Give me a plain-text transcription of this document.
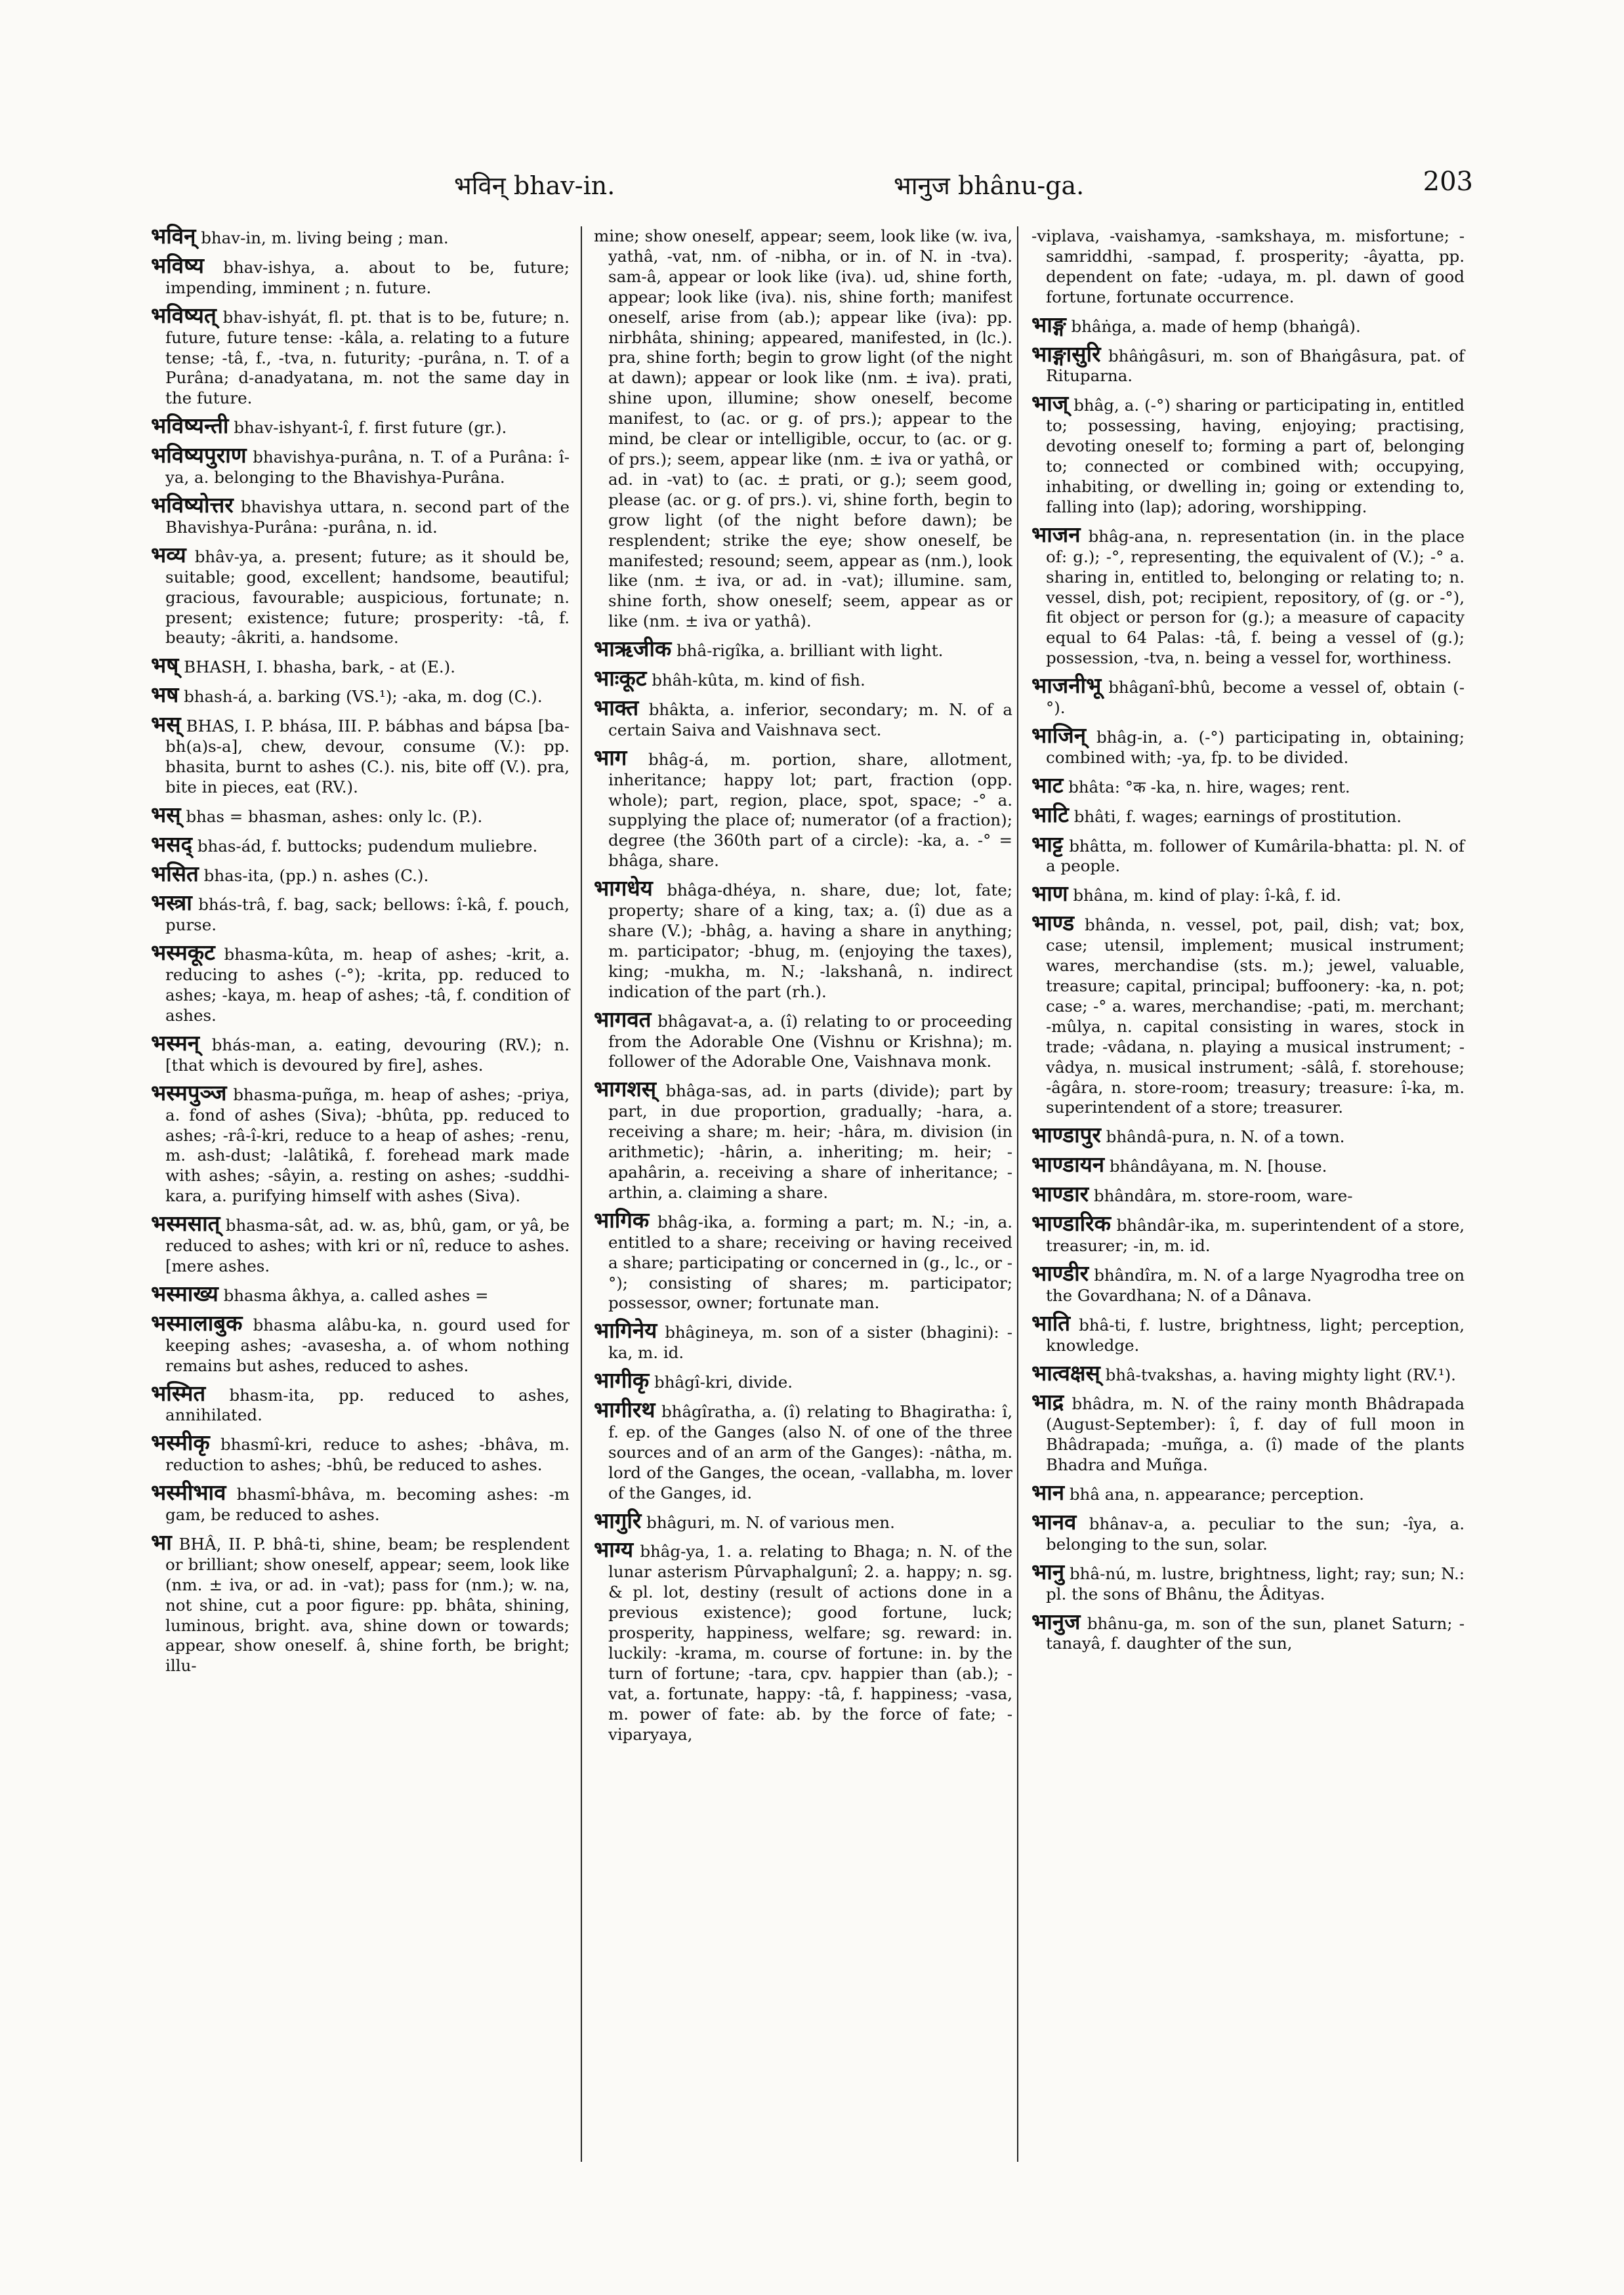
भविन् bhav-in.	भानुज bhânu-ga.	203

भविन् bhav-in, m. living being ; man.

भविष्य bhav-ishya, a. about to be, future; impending, imminent ; n. future.

भविष्यत् bhav-ishyát, fl. pt. that is to be, future; n. future, future tense: -kâla, a. relating to a future tense; -tâ, f., -tva, n. futurity; -purâna, n. T. of a Purâna; d-anadyatana, m. not the same day in the future.

भविष्यन्ती bhav-ishyant-î, f. first future (gr.).

भविष्यपुराण bhavishya-purâna, n. T. of a Purâna: î-ya, a. belonging to the Bhavishya-Purâna.

भविष्योत्तर bhavishya uttara, n. second part of the Bhavishya-Purâna: -purâna, n. id.

भव्य bhâv-ya, a. present; future; as it should be, suitable; good, excellent; handsome, beautiful; gracious, favourable; auspicious, fortunate; n. present; existence; future; prosperity: -tâ, f. beauty; -âkriti, a. handsome.

भष् BHASH, I. bhasha, bark, - at (E.).

भष bhash-á, a. barking (VS.¹); -aka, m. dog (C.).

भस् BHAS, I. P. bhása, III. P. bábhas and bápsa [ba-bh(a)s-a], chew, devour, consume (V.): pp. bhasita, burnt to ashes (C.). nis, bite off (V.). pra, bite in pieces, eat (RV.).

भस् bhas = bhasman, ashes: only lc. (P.).

भसद् bhas-ád, f. buttocks; pudendum muliebre.

भसित bhas-ita, (pp.) n. ashes (C.).

भस्त्रा bhás-trâ, f. bag, sack; bellows: î-kâ, f. pouch, purse.

भस्मकूट bhasma-kûta, m. heap of ashes; -krit, a. reducing to ashes (-°); -krita, pp. reduced to ashes; -kaya, m. heap of ashes; -tâ, f. condition of ashes.

भस्मन् bhás-man, a. eating, devouring (RV.); n. [that which is devoured by fire], ashes.

भस्मपुञ्ज bhasma-puñga, m. heap of ashes; -priya, a. fond of ashes (Siva); -bhûta, pp. reduced to ashes; -râ-î-kri, reduce to a heap of ashes; -renu, m. ash-dust; -lalâtikâ, f. forehead mark made with ashes; -sâyin, a. resting on ashes; -suddhi-kara, a. purifying himself with ashes (Siva).

भस्मसात् bhasma-sât, ad. w. as, bhû, gam, or yâ, be reduced to ashes; with kri or nî, reduce to ashes. [mere ashes.

भस्माख्य bhasma âkhya, a. called ashes =

भस्मालाबुक bhasma alâbu-ka, n. gourd used for keeping ashes; -avasesha, a. of whom nothing remains but ashes, reduced to ashes.

भस्मित bhasm-ita, pp. reduced to ashes, annihilated.

भस्मीकृ bhasmî-kri, reduce to ashes; -bhâva, m. reduction to ashes; -bhû, be reduced to ashes.

भस्मीभाव bhasmî-bhâva, m. becoming ashes: -m gam, be reduced to ashes.

भा BHÂ, II. P. bhâ-ti, shine, beam; be resplendent or brilliant; show oneself, appear; seem, look like (nm. ± iva, or ad. in -vat); pass for (nm.); w. na, not shine, cut a poor figure: pp. bhâta, shining, luminous, bright. ava, shine down or towards; appear, show oneself. â, shine forth, be bright; illu-

mine; show oneself, appear; seem, look like (w. iva, yathâ, -vat, nm. of -nibha, or in. of N. in -tva). sam-â, appear or look like (iva). ud, shine forth, appear; look like (iva). nis, shine forth; manifest oneself, arise from (ab.); appear like (iva): pp. nirbhâta, shining; appeared, manifested, in (lc.). pra, shine forth; begin to grow light (of the night at dawn); appear or look like (nm. ± iva). prati, shine upon, illumine; show oneself, become manifest, to (ac. or g. of prs.); appear to the mind, be clear or intelligible, occur, to (ac. or g. of prs.); seem, appear like (nm. ± iva or yathâ, or ad. in -vat) to (ac. ± prati, or g.); seem good, please (ac. or g. of prs.). vi, shine forth, begin to grow light (of the night before dawn); be resplendent; strike the eye; show oneself, be manifested; resound; seem, appear as (nm.), look like (nm. ± iva, or ad. in -vat); illumine. sam, shine forth, show oneself; seem, appear as or like (nm. ± iva or yathâ).

भाऋजीक bhâ-rigîka, a. brilliant with light.

भाःकूट bhâh-kûta, m. kind of fish.

भाक्त bhâkta, a. inferior, secondary; m. N. of a certain Saiva and Vaishnava sect.

भाग bhâg-á, m. portion, share, allotment, inheritance; happy lot; part, fraction (opp. whole); part, region, place, spot, space; -° a. supplying the place of; numerator (of a fraction); degree (the 360th part of a circle): -ka, a. -° = bhâga, share.

भागधेय bhâga-dhéya, n. share, due; lot, fate; property; share of a king, tax; a. (î) due as a share (V.); -bhâg, a. having a share in anything; m. participator; -bhug, m. (enjoying the taxes), king; -mukha, m. N.; -lakshanâ, n. indirect indication of the part (rh.).

भागवत bhâgavat-a, a. (î) relating to or proceeding from the Adorable One (Vishnu or Krishna); m. follower of the Adorable One, Vaishnava monk.

भागशस् bhâga-sas, ad. in parts (divide); part by part, in due proportion, gradually; -hara, a. receiving a share; m. heir; -hâra, m. division (in arithmetic); -hârin, a. inheriting; m. heir; -apahârin, a. receiving a share of inheritance; -arthin, a. claiming a share.

भागिक bhâg-ika, a. forming a part; m. N.; -in, a. entitled to a share; receiving or having received a share; participating or concerned in (g., lc., or -°); consisting of shares; m. participator; possessor, owner; fortunate man.

भागिनेय bhâgineya, m. son of a sister (bhagini): -ka, m. id.

भागीकृ bhâgî-kri, divide.

भागीरथ bhâgîratha, a. (î) relating to Bhagiratha: î, f. ep. of the Ganges (also N. of one of the three sources and of an arm of the Ganges): -nâtha, m. lord of the Ganges, the ocean, -vallabha, m. lover of the Ganges, id.

भागुरि bhâguri, m. N. of various men.

भाग्य bhâg-ya, 1. a. relating to Bhaga; n. N. of the lunar asterism Pûrvaphalgunî; 2. a. happy; n. sg. & pl. lot, destiny (result of actions done in a previous existence); good fortune, luck; prosperity, happiness, welfare; sg. reward: in. luckily: -krama, m. course of fortune: in. by the turn of fortune; -tara, cpv. happier than (ab.); -vat, a. fortunate, happy: -tâ, f. happiness; -vasa, m. power of fate: ab. by the force of fate; -viparyaya,

-viplava, -vaishamya, -samkshaya, m. misfortune; -samriddhi, -sampad, f. prosperity; -âyatta, pp. dependent on fate; -udaya, m. pl. dawn of good fortune, fortunate occurrence.

भाङ्ग bhâṅga, a. made of hemp (bhaṅgâ).

भाङ्गासुरि bhâṅgâsuri, m. son of Bhaṅgâsura, pat. of Rituparna.

भाज् bhâg, a. (-°) sharing or participating in, entitled to; possessing, having, enjoying; practising, devoting oneself to; forming a part of, belonging to; connected or combined with; occupying, inhabiting, or dwelling in; going or extending to, falling into (lap); adoring, worshipping.

भाजन bhâg-ana, n. representation (in. in the place of: g.); -°, representing, the equivalent of (V.); -° a. sharing in, entitled to, belonging or relating to; n. vessel, dish, pot; recipient, repository, of (g. or -°), fit object or person for (g.); a measure of capacity equal to 64 Palas: -tâ, f. being a vessel of (g.); possession, -tva, n. being a vessel for, worthiness.

भाजनीभू bhâganî-bhû, become a vessel of, obtain (-°).

भाजिन् bhâg-in, a. (-°) participating in, obtaining; combined with; -ya, fp. to be divided.

भाट bhâta: °क -ka, n. hire, wages; rent.

भाटि bhâti, f. wages; earnings of prostitution.

भाट्ट bhâtta, m. follower of Kumârila-bhatta: pl. N. of a people.

भाण bhâna, m. kind of play: î-kâ, f. id.

भाण्ड bhânda, n. vessel, pot, pail, dish; vat; box, case; utensil, implement; musical instrument; wares, merchandise (sts. m.); jewel, valuable, treasure; capital, principal; buffoonery: -ka, n. pot; case; -° a. wares, merchandise; -pati, m. merchant; -mûlya, n. capital consisting in wares, stock in trade; -vâdana, n. playing a musical instrument; -vâdya, n. musical instrument; -sâlâ, f. storehouse; -âgâra, n. store-room; treasury; treasure: î-ka, m. superintendent of a store; treasurer.

भाण्डापुर bhândâ-pura, n. N. of a town.

भाण्डायन bhândâyana, m. N. [house.

भाण्डार bhândâra, m. store-room, ware-

भाण्डारिक bhândâr-ika, m. superintendent of a store, treasurer; -in, m. id.

भाण्डीर bhândîra, m. N. of a large Nyagrodha tree on the Govardhana; N. of a Dânava.

भाति bhâ-ti, f. lustre, brightness, light; perception, knowledge.

भात्वक्षस् bhâ-tvakshas, a. having mighty light (RV.¹).

भाद्र bhâdra, m. N. of the rainy month Bhâdrapada (August-September): î, f. day of full moon in Bhâdrapada; -muñga, a. (î) made of the plants Bhadra and Muñga.

भान bhâ ana, n. appearance; perception.

भानव bhânav-a, a. peculiar to the sun; -îya, a. belonging to the sun, solar.

भानु bhâ-nú, m. lustre, brightness, light; ray; sun; N.: pl. the sons of Bhânu, the Âdityas.

भानुज bhânu-ga, m. son of the sun, planet Saturn; -tanayâ, f. daughter of the sun,
